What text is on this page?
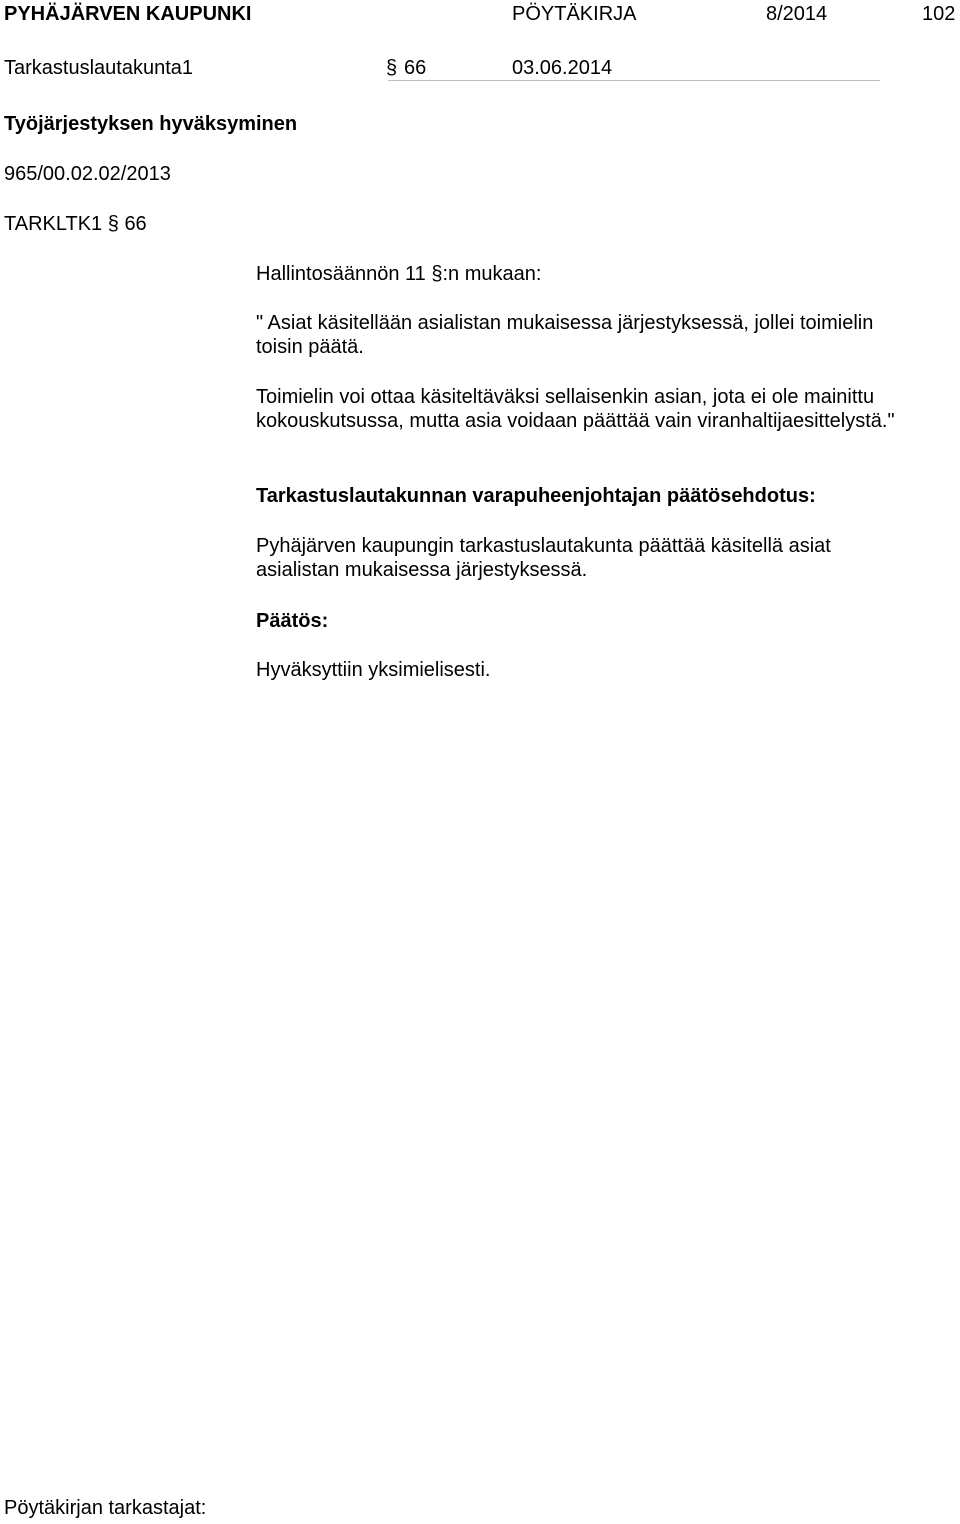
PYHÄJÄRVEN KAUPUNKI	PÖYTÄKIRJA	8/2014	102
Tarkastuslautakunta1	§ 66	03.06.2014
Työjärjestyksen hyväksyminen
965/00.02.02/2013
TARKLTK1 § 66
Hallintosäännön 11 §:n mukaan:
" Asiat käsitellään asialistan mukaisessa järjestyksessä, jollei toimielin toisin päätä.
Toimielin voi ottaa käsiteltäväksi sellaisenkin asian, jota ei ole mainittu kokouskutsussa, mutta asia voidaan päättää vain viranhaltijaesittelystä."
Tarkastuslautakunnan varapuheenjohtajan päätösehdotus:
Pyhäjärven kaupungin tarkastuslautakunta päättää käsitellä asiat asialistan mukaisessa järjestyksessä.
Päätös:
Hyväksyttiin yksimielisesti.
Pöytäkirjan tarkastajat:
